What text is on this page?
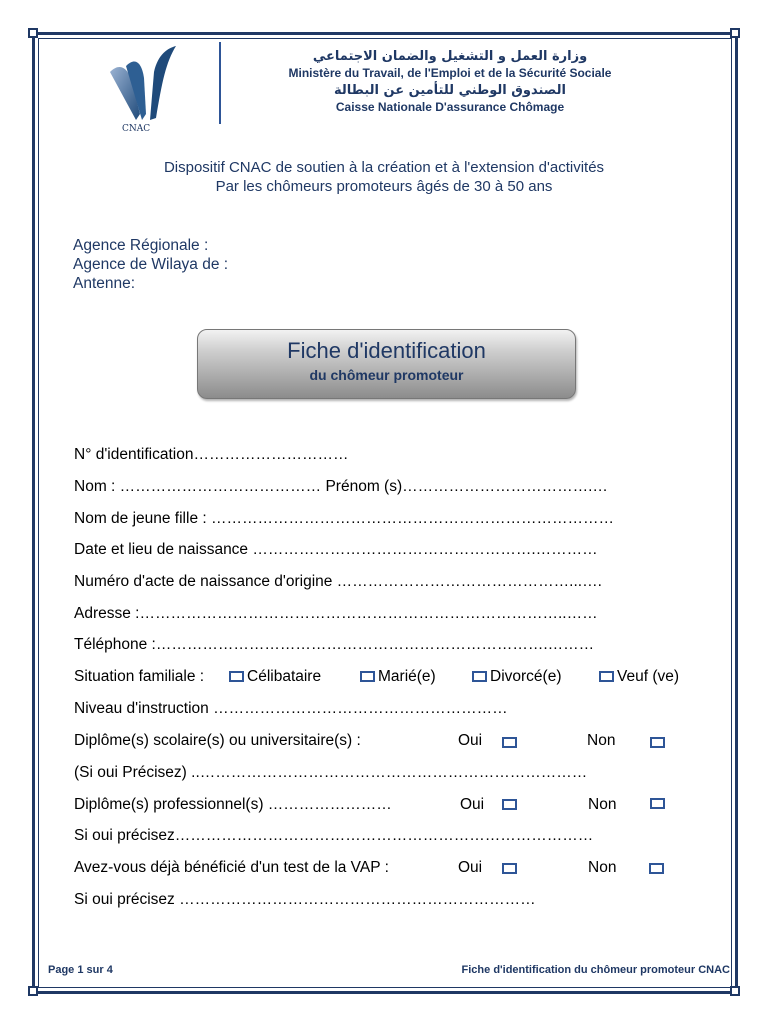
CNAC
وزارة العمل و التشغيل والضمان الاجتماعي
Ministère du Travail, de l'Emploi et de la Sécurité Sociale
الصندوق الوطني للتأمين عن البطالة
Caisse Nationale D'assurance Chômage
Dispositif CNAC de soutien à la création et à l'extension d'activités
Par les chômeurs promoteurs âgés de 30 à 50 ans
Agence Régionale :
Agence de Wilaya de :
Antenne:
Fiche d'identification
du chômeur promoteur
N° d'identification…………………………
Nom : ………………………………… Prénom (s)……………………………….…
Nom de jeune fille : ……………………………………………………………………
Date et lieu de naissance ……………………………………………….…………
Numéro d'acte de naissance d'origine ………………………………………...….
Adresse :………………………………………………………………………..……
Téléphone :………………………………………………………………….………
Situation familiale :	Célibataire	Marié(e)	Divorcé(e)	Veuf (ve)
Niveau d'instruction …………………………………………………
Diplôme(s) scolaire(s) ou universitaire(s) :	Oui	Non
(Si oui Précisez) ..…………………………………………………………………
Diplôme(s) professionnel(s) ……………………	Oui	Non
Si oui précisez………………………………………………………………………
Avez-vous déjà bénéficié d'un test de la VAP :	Oui	Non
Si oui précisez ……………………………………………………………
Page 1 sur 4	Fiche d'identification du chômeur promoteur CNAC
